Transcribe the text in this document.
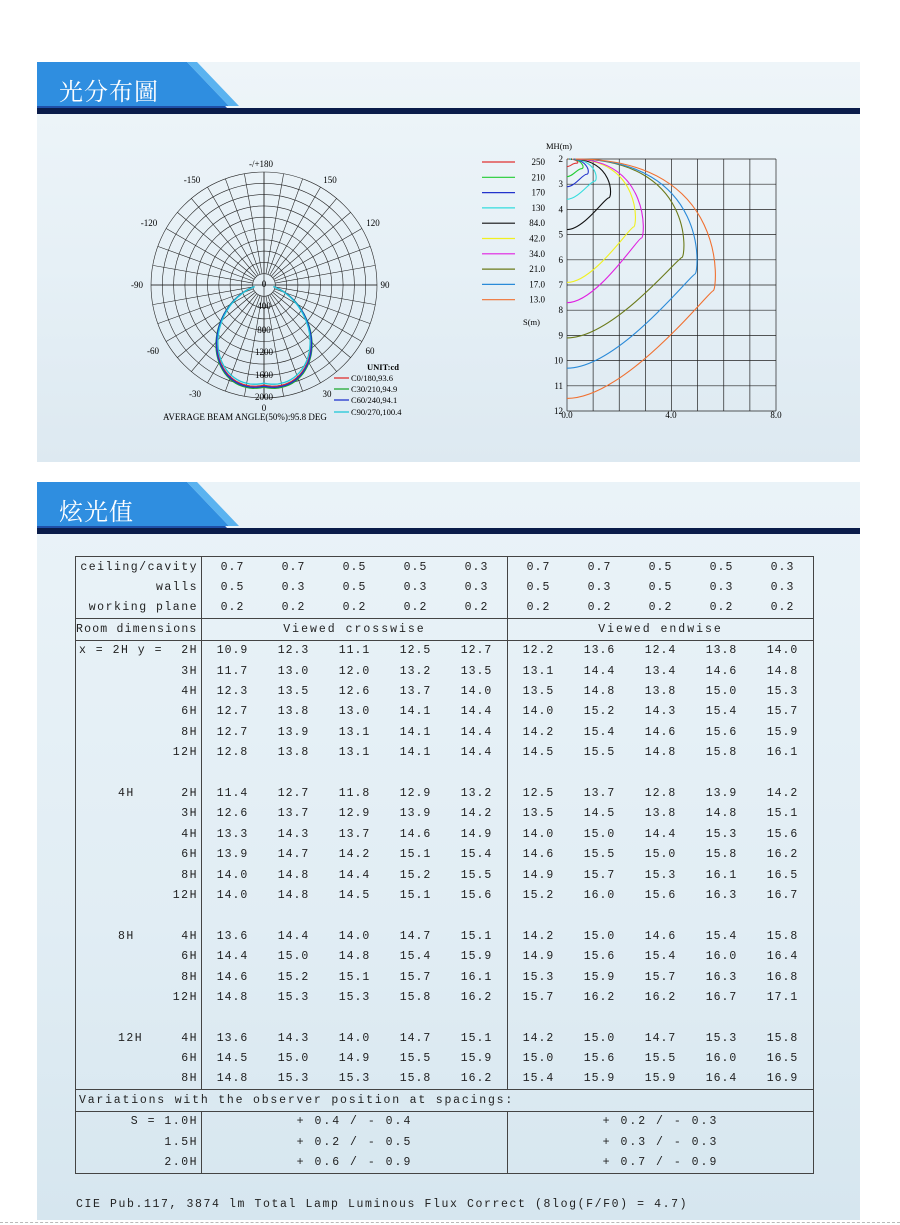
光分布圖
-/+180
-150	150
-120	120
-90	90
-60	60
-30	30
0
0
400
800
1200
1600
2000
UNIT:cd
C0/180,93.6
C30/210,94.9
C60/240,94.1
C90/270,100.4
AVERAGE BEAM ANGLE(50%):95.8 DEG
250
210
170
130
84.0
42.0
34.0
21.0
17.0
13.0
MH(m)
S(m)
2
3
4
5
6
7
8
9
10
11
12
0.0	4.0	8.0
炫光值
ceiling/cavity	0.7	0.7	0.5	0.5	0.3	0.7	0.7	0.5	0.5	0.3
walls	0.5	0.3	0.5	0.3	0.3	0.5	0.3	0.5	0.3	0.3
working plane	0.2	0.2	0.2	0.2	0.2	0.2	0.2	0.2	0.2	0.2
Room dimensions	Viewed crosswise					Viewed endwise				

x = 2H y = 2H	10.9	12.3	11.1	12.5	12.7	12.2	13.6	12.4	13.8	14.0
3H	11.7	13.0	12.0	13.2	13.5	13.1	14.4	13.4	14.6	14.8
4H	12.3	13.5	12.6	13.7	14.0	13.5	14.8	13.8	15.0	15.3
6H	12.7	13.8	13.0	14.1	14.4	14.0	15.2	14.3	15.4	15.7
8H	12.7	13.9	13.1	14.1	14.4	14.2	15.4	14.6	15.6	15.9
12H	12.8	13.8	13.1	14.1	14.4	14.5	15.5	14.8	15.8	16.1

4H 2H	11.4	12.7	11.8	12.9	13.2	12.5	13.7	12.8	13.9	14.2
3H	12.6	13.7	12.9	13.9	14.2	13.5	14.5	13.8	14.8	15.1
4H	13.3	14.3	13.7	14.6	14.9	14.0	15.0	14.4	15.3	15.6
6H	13.9	14.7	14.2	15.1	15.4	14.6	15.5	15.0	15.8	16.2
8H	14.0	14.8	14.4	15.2	15.5	14.9	15.7	15.3	16.1	16.5
12H	14.0	14.8	14.5	15.1	15.6	15.2	16.0	15.6	16.3	16.7

8H 4H	13.6	14.4	14.0	14.7	15.1	14.2	15.0	14.6	15.4	15.8
6H	14.4	15.0	14.8	15.4	15.9	14.9	15.6	15.4	16.0	16.4
8H	14.6	15.2	15.1	15.7	16.1	15.3	15.9	15.7	16.3	16.8
12H	14.8	15.3	15.3	15.8	16.2	15.7	16.2	16.2	16.7	17.1

12H 4H	13.6	14.3	14.0	14.7	15.1	14.2	15.0	14.7	15.3	15.8
6H	14.5	15.0	14.9	15.5	15.9	15.0	15.6	15.5	16.0	16.5
8H	14.8	15.3	15.3	15.8	16.2	15.4	15.9	15.9	16.4	16.9
Variations with the observer position at spacings:										
S = 1.0H	+ 0.4 / - 0.4					+ 0.2 / - 0.3				
1.5H	+ 0.2 / - 0.5					+ 0.3 / - 0.3				
2.0H	+ 0.6 / - 0.9					+ 0.7 / - 0.9				
CIE Pub.117, 3874 lm Total Lamp Luminous Flux Correct (8log(F/F0) = 4.7)
